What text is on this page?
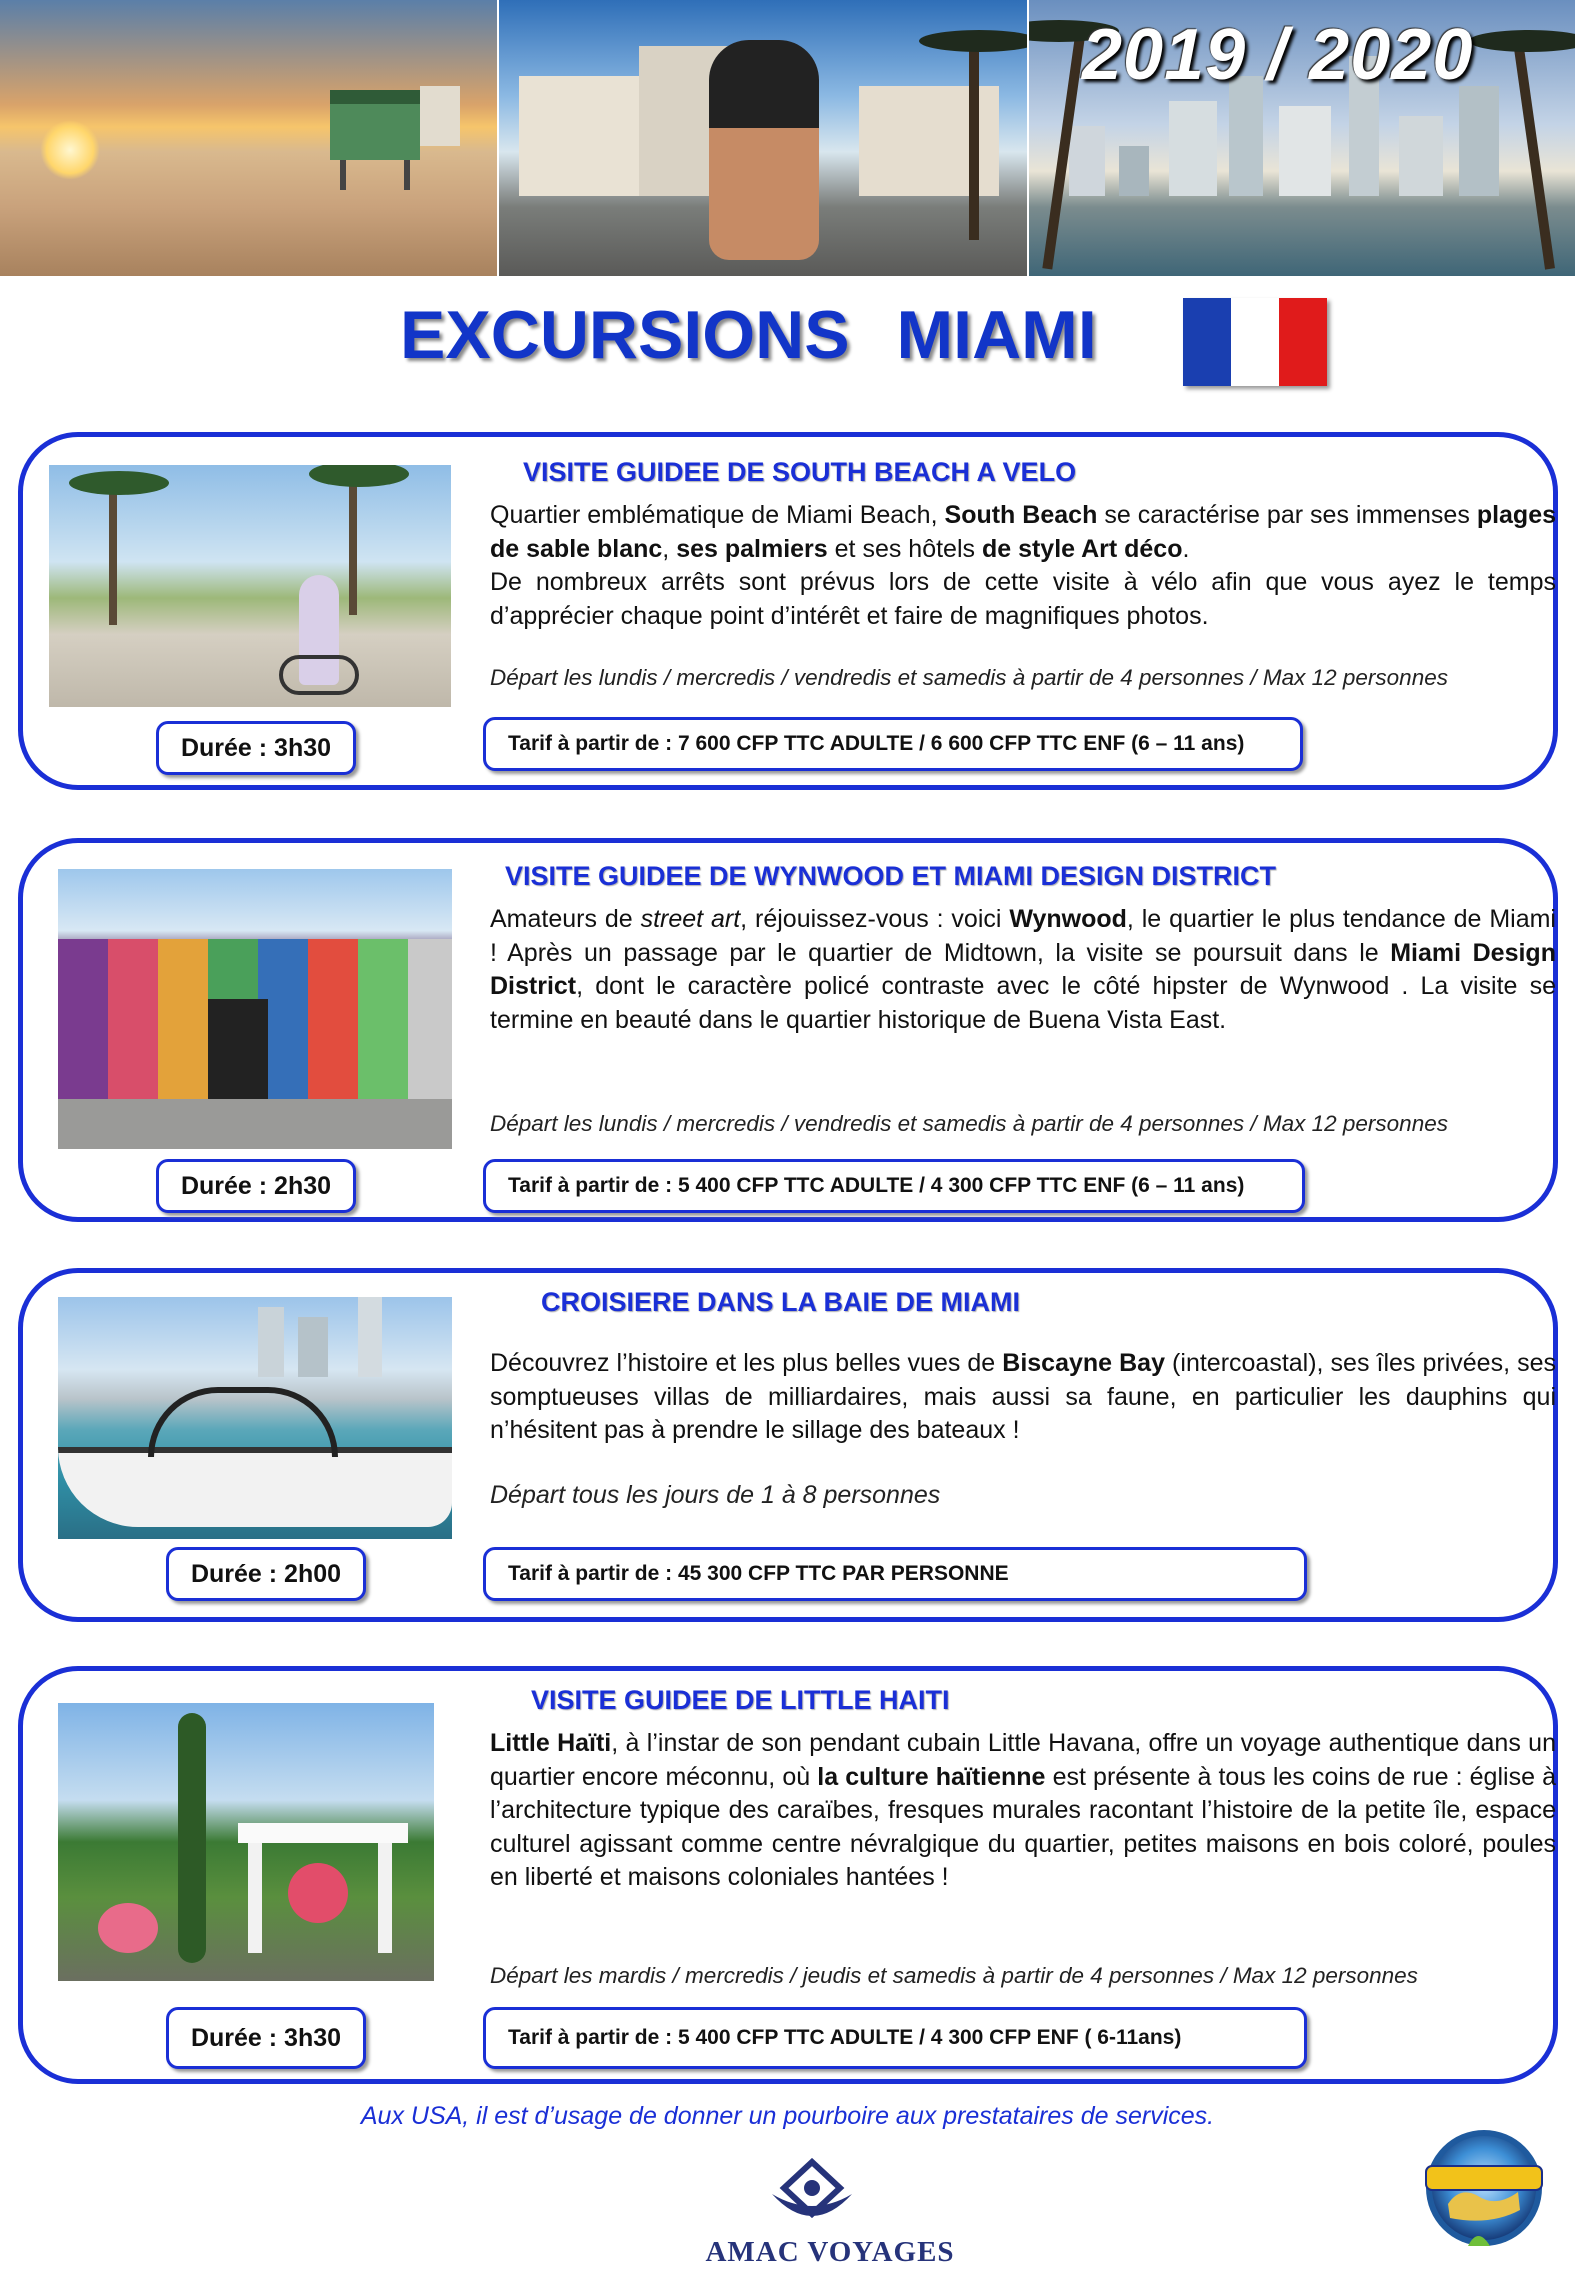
2019 / 2020
EXCURSIONS MIAMI
VISITE GUIDEE DE SOUTH BEACH A VELO

Quartier emblématique de Miami Beach, South Beach se caractérise par ses immenses plages de sable blanc, ses palmiers et ses hôtels de style Art déco.

De nombreux arrêts sont prévus lors de cette visite à vélo afin que vous ayez le temps d’apprécier chaque point d’intérêt et faire de magnifiques photos.

Départ les lundis / mercredis / vendredis et samedis à partir de 4 personnes / Max 12 personnes
Durée : 3h30	Tarif à partir de : 7 600 CFP TTC ADULTE / 6 600 CFP TTC ENF (6 – 11 ans)
VISITE GUIDEE DE WYNWOOD ET MIAMI DESIGN DISTRICT

Amateurs de street art, réjouissez-vous : voici Wynwood, le quartier le plus tendance de Miami ! Après un passage par le quartier de Midtown, la visite se poursuit dans le Miami Design District, dont le caractère policé contraste avec le côté hipster de Wynwood . La visite se termine en beauté dans le quartier historique de Buena Vista East.

Départ les lundis / mercredis / vendredis et samedis à partir de 4 personnes / Max 12 personnes
Durée : 2h30	Tarif à partir de : 5 400 CFP TTC ADULTE / 4 300 CFP TTC ENF (6 – 11 ans)
CROISIERE DANS LA BAIE DE MIAMI

Découvrez l’histoire et les plus belles vues de Biscayne Bay (intercoastal), ses îles privées, ses somptueuses villas de milliardaires, mais aussi sa faune, en particulier les dauphins qui n’hésitent pas à prendre le sillage des bateaux !

Départ tous les jours de 1 à 8 personnes
Durée : 2h00	Tarif à partir de : 45 300 CFP TTC PAR PERSONNE
VISITE GUIDEE DE LITTLE HAITI

Little Haïti, à l’instar de son pendant cubain Little Havana, offre un voyage authentique dans un quartier encore méconnu, où la culture haïtienne est présente à tous les coins de rue : église à l’architecture typique des caraïbes, fresques murales racontant l’histoire de la petite île, espace culturel agissant comme centre névralgique du quartier, petites maisons en bois coloré, poules en liberté et maisons coloniales hantées !

Départ les mardis / mercredis / jeudis et samedis à partir de 4 personnes / Max 12 personnes
Durée : 3h30	Tarif à partir de : 5 400 CFP TTC ADULTE / 4 300 CFP ENF ( 6-11ans)
Aux USA, il est d’usage de donner un pourboire aux prestataires de services.
AMAC VOYAGES
